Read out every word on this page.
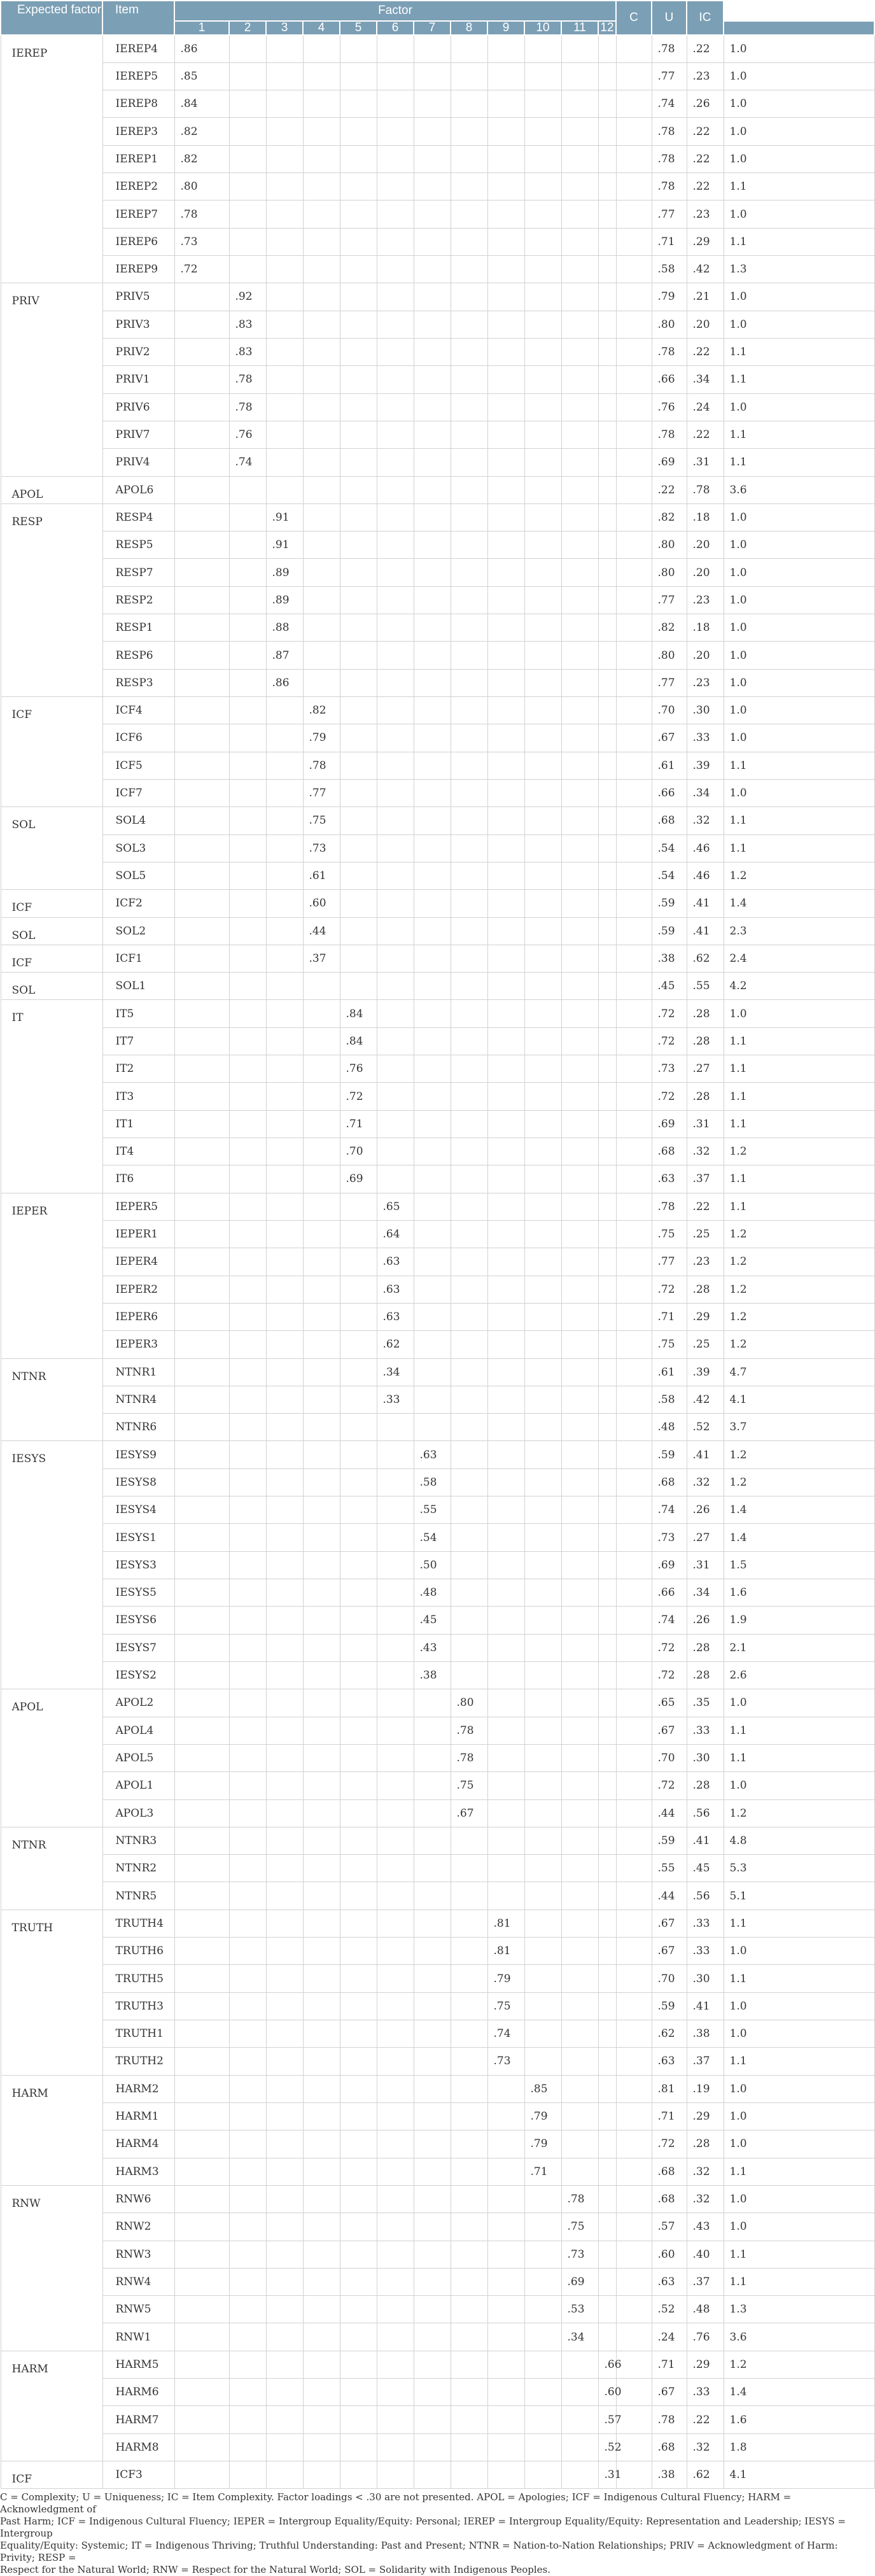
Expected factor	Item	Factor												C	U	IC	
		1	2	3	4	5	6	7	8	9	10	11	12				
IEREP	IEREP4	.86													.78	.22	1.0
	IEREP5	.85													.77	.23	1.0
	IEREP8	.84													.74	.26	1.0
	IEREP3	.82													.78	.22	1.0
	IEREP1	.82													.78	.22	1.0
	IEREP2	.80													.78	.22	1.1
	IEREP7	.78													.77	.23	1.0
	IEREP6	.73													.71	.29	1.1
	IEREP9	.72													.58	.42	1.3
PRIV	PRIV5		.92												.79	.21	1.0
	PRIV3		.83												.80	.20	1.0
	PRIV2		.83												.78	.22	1.1
	PRIV1		.78												.66	.34	1.1
	PRIV6		.78												.76	.24	1.0
	PRIV7		.76												.78	.22	1.1
	PRIV4		.74												.69	.31	1.1
APOL	APOL6														.22	.78	3.6
RESP	RESP4			.91											.82	.18	1.0
	RESP5			.91											.80	.20	1.0
	RESP7			.89											.80	.20	1.0
	RESP2			.89											.77	.23	1.0
	RESP1			.88											.82	.18	1.0
	RESP6			.87											.80	.20	1.0
	RESP3			.86											.77	.23	1.0
ICF	ICF4				.82										.70	.30	1.0
	ICF6				.79										.67	.33	1.0
	ICF5				.78										.61	.39	1.1
	ICF7				.77										.66	.34	1.0
SOL	SOL4				.75										.68	.32	1.1
	SOL3				.73										.54	.46	1.1
	SOL5				.61										.54	.46	1.2
ICF	ICF2				.60										.59	.41	1.4
SOL	SOL2				.44										.59	.41	2.3
ICF	ICF1				.37										.38	.62	2.4
SOL	SOL1														.45	.55	4.2
IT	IT5					.84									.72	.28	1.0
	IT7					.84									.72	.28	1.1
	IT2					.76									.73	.27	1.1
	IT3					.72									.72	.28	1.1
	IT1					.71									.69	.31	1.1
	IT4					.70									.68	.32	1.2
	IT6					.69									.63	.37	1.1
IEPER	IEPER5						.65								.78	.22	1.1
	IEPER1						.64								.75	.25	1.2
	IEPER4						.63								.77	.23	1.2
	IEPER2						.63								.72	.28	1.2
	IEPER6						.63								.71	.29	1.2
	IEPER3						.62								.75	.25	1.2
NTNR	NTNR1						.34								.61	.39	4.7
	NTNR4						.33								.58	.42	4.1
	NTNR6														.48	.52	3.7
IESYS	IESYS9							.63							.59	.41	1.2
	IESYS8							.58							.68	.32	1.2
	IESYS4							.55							.74	.26	1.4
	IESYS1							.54							.73	.27	1.4
	IESYS3							.50							.69	.31	1.5
	IESYS5							.48							.66	.34	1.6
	IESYS6							.45							.74	.26	1.9
	IESYS7							.43							.72	.28	2.1
	IESYS2							.38							.72	.28	2.6
APOL	APOL2								.80						.65	.35	1.0
	APOL4								.78						.67	.33	1.1
	APOL5								.78						.70	.30	1.1
	APOL1								.75						.72	.28	1.0
	APOL3								.67						.44	.56	1.2
NTNR	NTNR3														.59	.41	4.8
	NTNR2														.55	.45	5.3
	NTNR5														.44	.56	5.1
TRUTH	TRUTH4									.81					.67	.33	1.1
	TRUTH6									.81					.67	.33	1.0
	TRUTH5									.79					.70	.30	1.1
	TRUTH3									.75					.59	.41	1.0
	TRUTH1									.74					.62	.38	1.0
	TRUTH2									.73					.63	.37	1.1
HARM	HARM2										.85				.81	.19	1.0
	HARM1										.79				.71	.29	1.0
	HARM4										.79				.72	.28	1.0
	HARM3										.71				.68	.32	1.1
RNW	RNW6											.78			.68	.32	1.0
	RNW2											.75			.57	.43	1.0
	RNW3											.73			.60	.40	1.1
	RNW4											.69			.63	.37	1.1
	RNW5											.53			.52	.48	1.3
	RNW1											.34			.24	.76	3.6
HARM	HARM5												.66		.71	.29	1.2
	HARM6												.60		.67	.33	1.4
	HARM7												.57		.78	.22	1.6
	HARM8												.52		.68	.32	1.8
ICF	ICF3												.31		.38	.62	4.1

C = Complexity; U = Uniqueness; IC = Item Complexity. Factor loadings < .30 are not presented. APOL = Apologies; ICF = Indigenous Cultural Fluency; HARM = Acknowledgment of

Past Harm; ICF = Indigenous Cultural Fluency; IEPER = Intergroup Equality/Equity: Personal; IEREP = Intergroup Equality/Equity: Representation and Leadership; IESYS = Intergroup

Equality/Equity: Systemic; IT = Indigenous Thriving; Truthful Understanding: Past and Present; NTNR = Nation-to-Nation Relationships; PRIV = Acknowledgment of Harm: Privity; RESP =

Respect for the Natural World; RNW = Respect for the Natural World; SOL = Solidarity with Indigenous Peoples.
